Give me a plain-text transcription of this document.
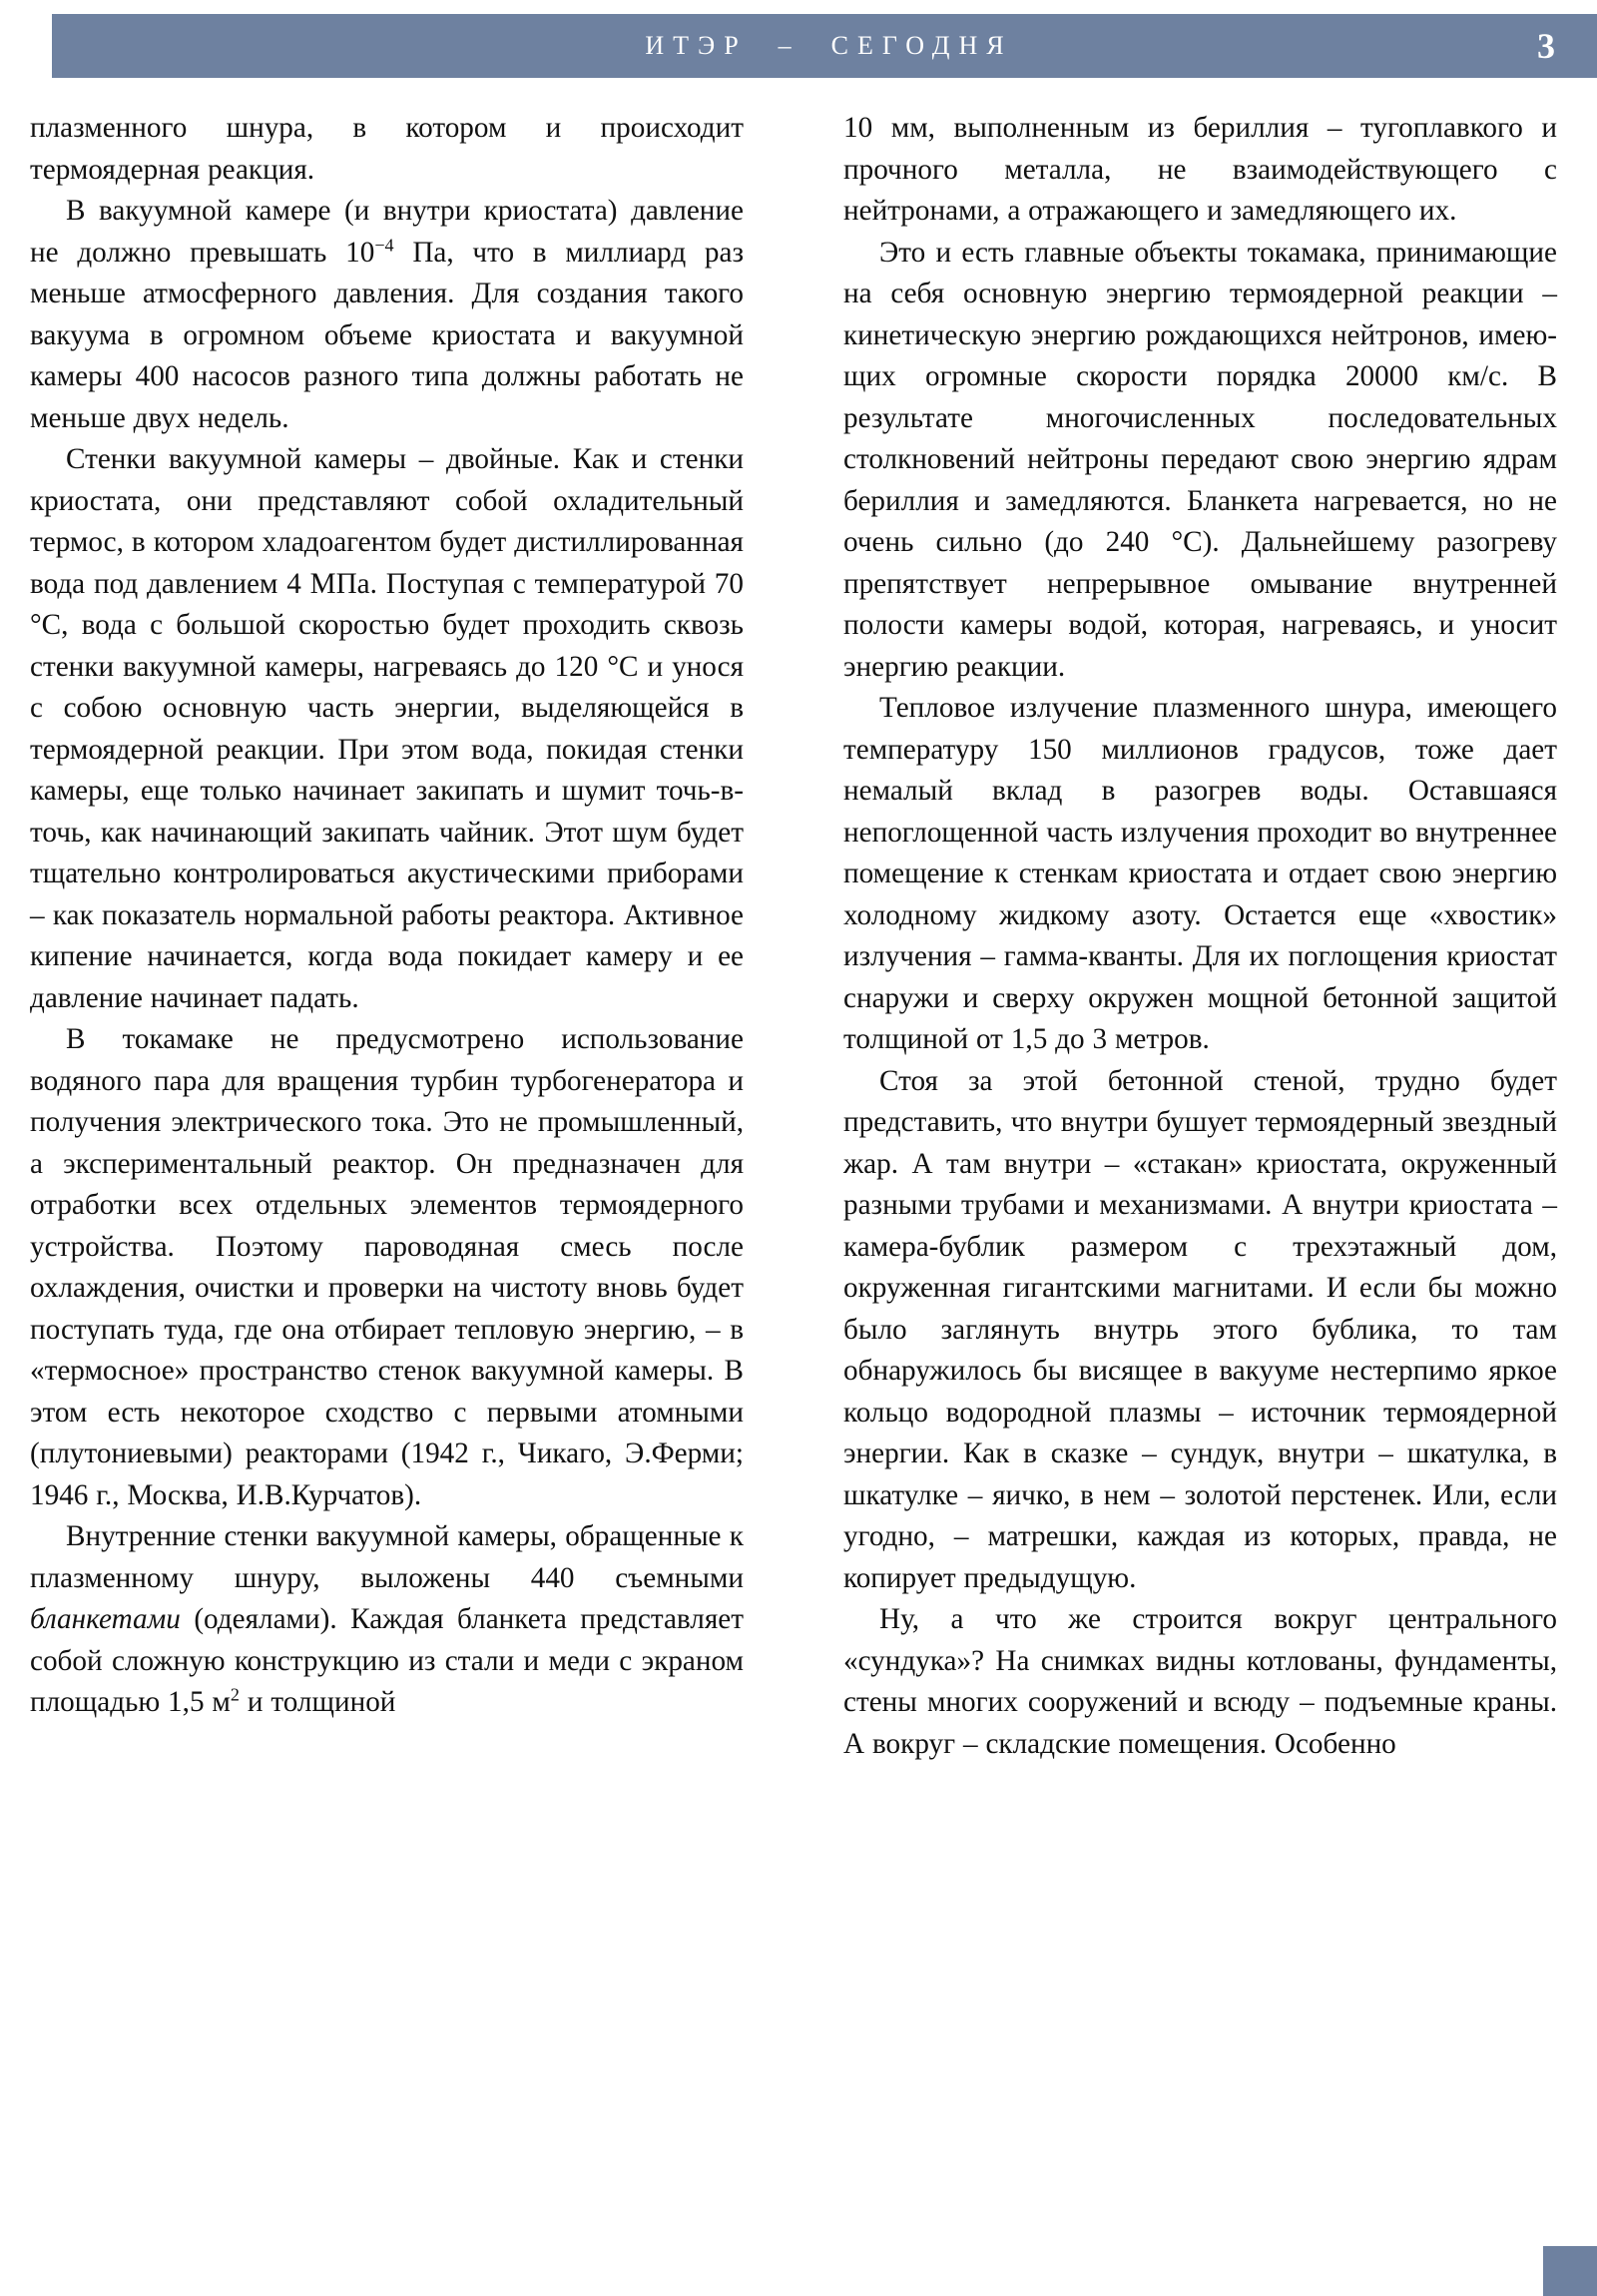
ИТЭР  –  СЕГОДНЯ	3

плазменного шнура, в котором и происходит термоядерная реакция.

В вакуумной камере (и внутри криостата) давление не должно превышать $10^{-4}$ Па, что в миллиард раз меньше атмосферного давления. Для создания такого вакуума в огромном объеме криостата и вакуумной камеры 400 насосов разного типа должны работать не меньше двух недель.

Стенки вакуумной камеры – двойные. Как и стенки криостата, они представляют собой охладительный термос, в котором хладоагентом будет дистиллированная вода под давлением 4 МПа. Поступая с температурой 70 °C, вода с большой скоростью будет проходить сквозь стенки вакуумной камеры, нагреваясь до 120 °C и унося с собою основную часть энергии, выделяющейся в термоядерной реакции. При этом вода, покидая стенки камеры, еще только начинает закипать и шумит точь-в-точь, как начинающий закипать чайник. Этот шум будет тщательно контролироваться акустическими приборами – как показатель нормальной работы реактора. Активное кипение начинается, когда вода покидает камеру и ее давление начинает падать.

В токамаке не предусмотрено использование водяного пара для вращения турбин турбогенератора и получения электрического тока. Это не промышленный, а экспериментальный реактор. Он предназначен для отработки всех отдельных элементов термоядерного устройства. Поэтому пароводяная смесь после охлаждения, очистки и проверки на чистоту вновь будет поступать туда, где она отбирает тепловую энергию, – в «термосное» пространство стенок вакуумной камеры. В этом есть некоторое сходство с первыми атомными (плутониевыми) реакторами (1942 г., Чикаго, Э.Ферми; 1946 г., Москва, И.В.Курчатов).

Внутренние стенки вакуумной камеры, обращенные к плазменному шнуру, выложены 440 съемными бланкетами (одеялами). Каждая бланкета представляет собой сложную конструкцию из стали и меди с экраном площадью 1,5 $м^2$ и толщиной

10 мм, выполненным из бериллия – тугоплавкого и прочного металла, не взаимодействующего с нейтронами, а отражающего и замедляющего их.

Это и есть главные объекты токамака, принимающие на себя основную энергию термоядерной реакции – кинетическую энергию рождающихся нейтронов, имеющих огромные скорости порядка 20000 км/с. В результате многочисленных последовательных столкновений нейтроны передают свою энергию ядрам бериллия и замедляются. Бланкета нагревается, но не очень сильно (до 240 °C). Дальнейшему разогреву препятствует непрерывное омывание внутренней полости камеры водой, которая, нагреваясь, и уносит энергию реакции.

Тепловое излучение плазменного шнура, имеющего температуру 150 миллионов градусов, тоже дает немалый вклад в разогрев воды. Оставшаяся непоглощенной часть излучения проходит во внутреннее помещение к стенкам криостата и отдает свою энергию холодному жидкому азоту. Остается еще «хвостик» излучения – гамма-кванты. Для их поглощения криостат снаружи и сверху окружен мощной бетонной защитой толщиной от 1,5 до 3 метров.

Стоя за этой бетонной стеной, трудно будет представить, что внутри бушует термоядерный звездный жар. А там внутри – «стакан» криостата, окруженный разными трубами и механизмами. А внутри криостата – камера-бублик размером с трехэтажный дом, окруженная гигантскими магнитами. И если бы можно было заглянуть внутрь этого бублика, то там обнаружилось бы висящее в вакууме нестерпимо яркое кольцо водородной плазмы – источник термоядерной энергии. Как в сказке – сундук, внутри – шкатулка, в шкатулке – яичко, в нем – золотой перстенек. Или, если угодно, – матрешки, каждая из которых, правда, не копирует предыдущую.

Ну, а что же строится вокруг центрального «сундука»? На снимках видны котлованы, фундаменты, стены многих сооружений и всюду – подъемные краны. А вокруг – складские помещения. Особенно
